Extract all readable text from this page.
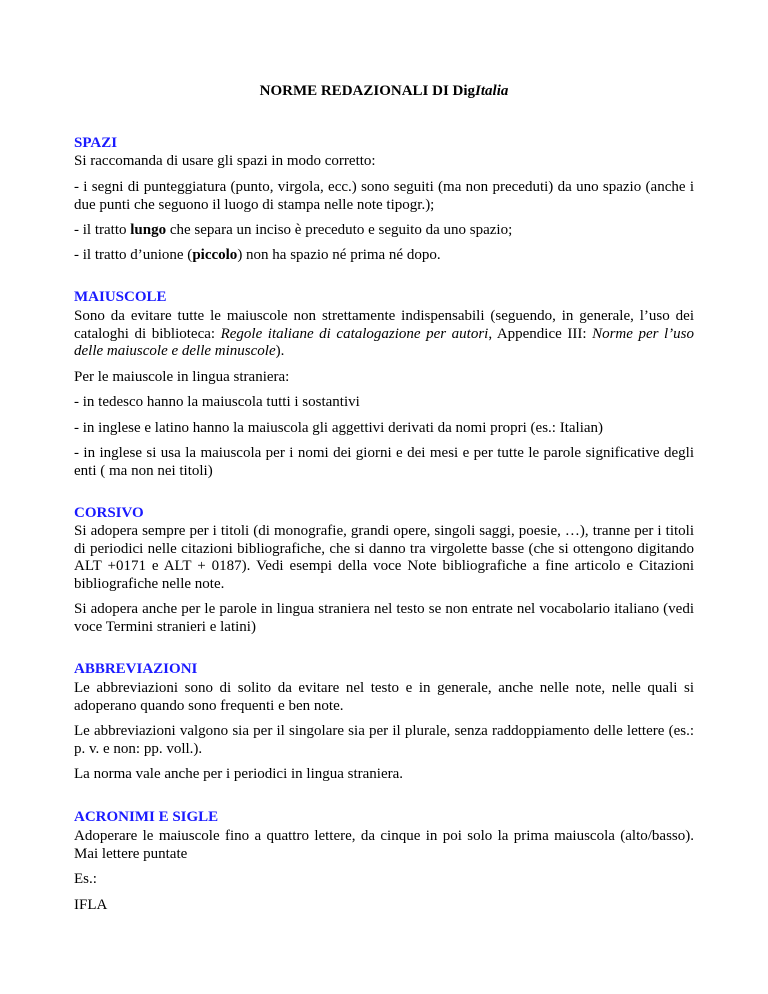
NORME REDAZIONALI DI DigItalia
SPAZI

Si raccomanda di usare gli spazi in modo corretto:

- i segni di punteggiatura (punto, virgola, ecc.) sono seguiti (ma non preceduti) da uno spazio (anche i due punti che seguono il luogo di stampa nelle note tipogr.);

- il tratto lungo che separa un inciso è preceduto e seguito da uno spazio;

- il tratto d’unione (piccolo) non ha spazio né prima né dopo.

MAIUSCOLE

Sono da evitare tutte le maiuscole non strettamente indispensabili (seguendo, in generale, l’uso dei cataloghi di biblioteca: Regole italiane di catalogazione per autori, Appendice III: Norme per l’uso delle maiuscole e delle minuscole).

Per le maiuscole in lingua straniera:

- in tedesco hanno la maiuscola tutti i sostantivi

- in inglese e latino hanno la maiuscola gli aggettivi derivati da nomi propri (es.: Italian)

- in inglese si usa la maiuscola per i nomi dei giorni e dei mesi e per tutte le parole significative degli enti ( ma non nei titoli)

CORSIVO

Si adopera sempre per i titoli (di monografie, grandi opere, singoli saggi, poesie, …), tranne per i titoli di periodici nelle citazioni bibliografiche, che si danno tra virgolette basse (che si ottengono digitando ALT +0171 e ALT + 0187). Vedi esempi della voce Note bibliografiche a fine articolo e Citazioni bibliografiche nelle note.

Si adopera anche per le parole in lingua straniera nel testo se non entrate nel vocabolario italiano (vedi voce Termini stranieri e latini)

ABBREVIAZIONI

Le abbreviazioni sono di solito da evitare nel testo e in generale, anche nelle note, nelle quali si adoperano quando sono frequenti e ben note.

Le abbreviazioni valgono sia per il singolare sia per il plurale, senza raddoppiamento delle lettere (es.: p. v. e non: pp. voll.).

La norma vale anche per i periodici in lingua straniera.

ACRONIMI E SIGLE

Adoperare le maiuscole fino a quattro lettere, da cinque in poi solo la prima maiuscola (alto/basso). Mai lettere puntate

Es.:

IFLA
